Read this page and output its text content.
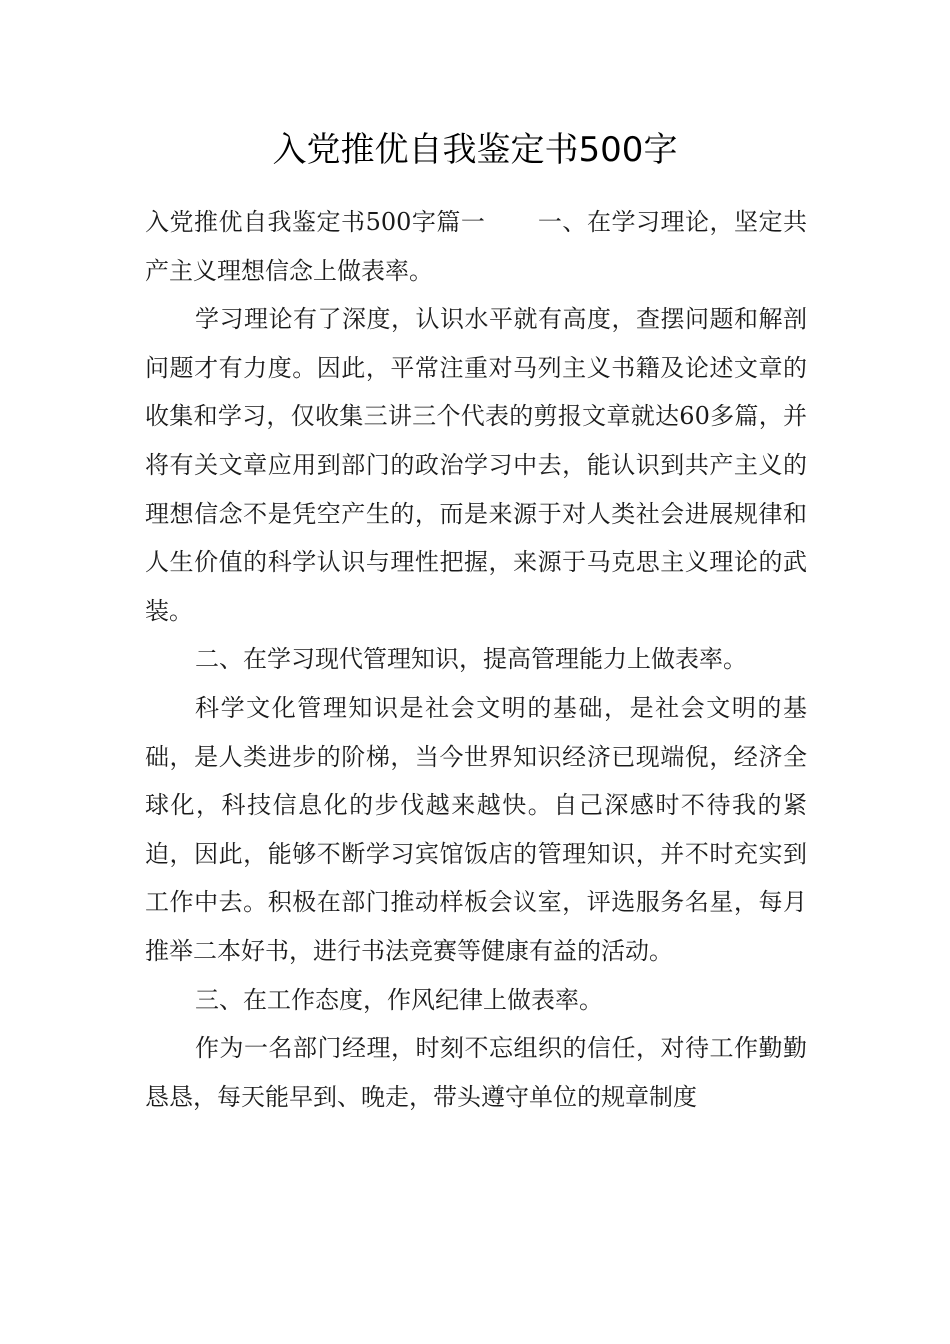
入党推优自我鉴定书500字

入党推优自我鉴定书500字篇一 一、在学习理论，坚定共产主义理想信念上做表率。

学习理论有了深度，认识水平就有高度，查摆问题和解剖问题才有力度。因此，平常注重对马列主义书籍及论述文章的收集和学习，仅收集三讲三个代表的剪报文章就达60多篇，并将有关文章应用到部门的政治学习中去，能认识到共产主义的理想信念不是凭空产生的，而是来源于对人类社会进展规律和人生价值的科学认识与理性把握，来源于马克思主义理论的武装。

二、在学习现代管理知识，提高管理能力上做表率。

科学文化管理知识是社会文明的基础，是社会文明的基础，是人类进步的阶梯，当今世界知识经济已现端倪，经济全球化，科技信息化的步伐越来越快。自己深感时不待我的紧迫，因此，能够不断学习宾馆饭店的管理知识，并不时充实到工作中去。积极在部门推动样板会议室，评选服务名星，每月推举二本好书，进行书法竞赛等健康有益的活动。

三、在工作态度，作风纪律上做表率。

作为一名部门经理，时刻不忘组织的信任，对待工作勤勤恳恳，每天能早到、晚走，带头遵守单位的规章制度
